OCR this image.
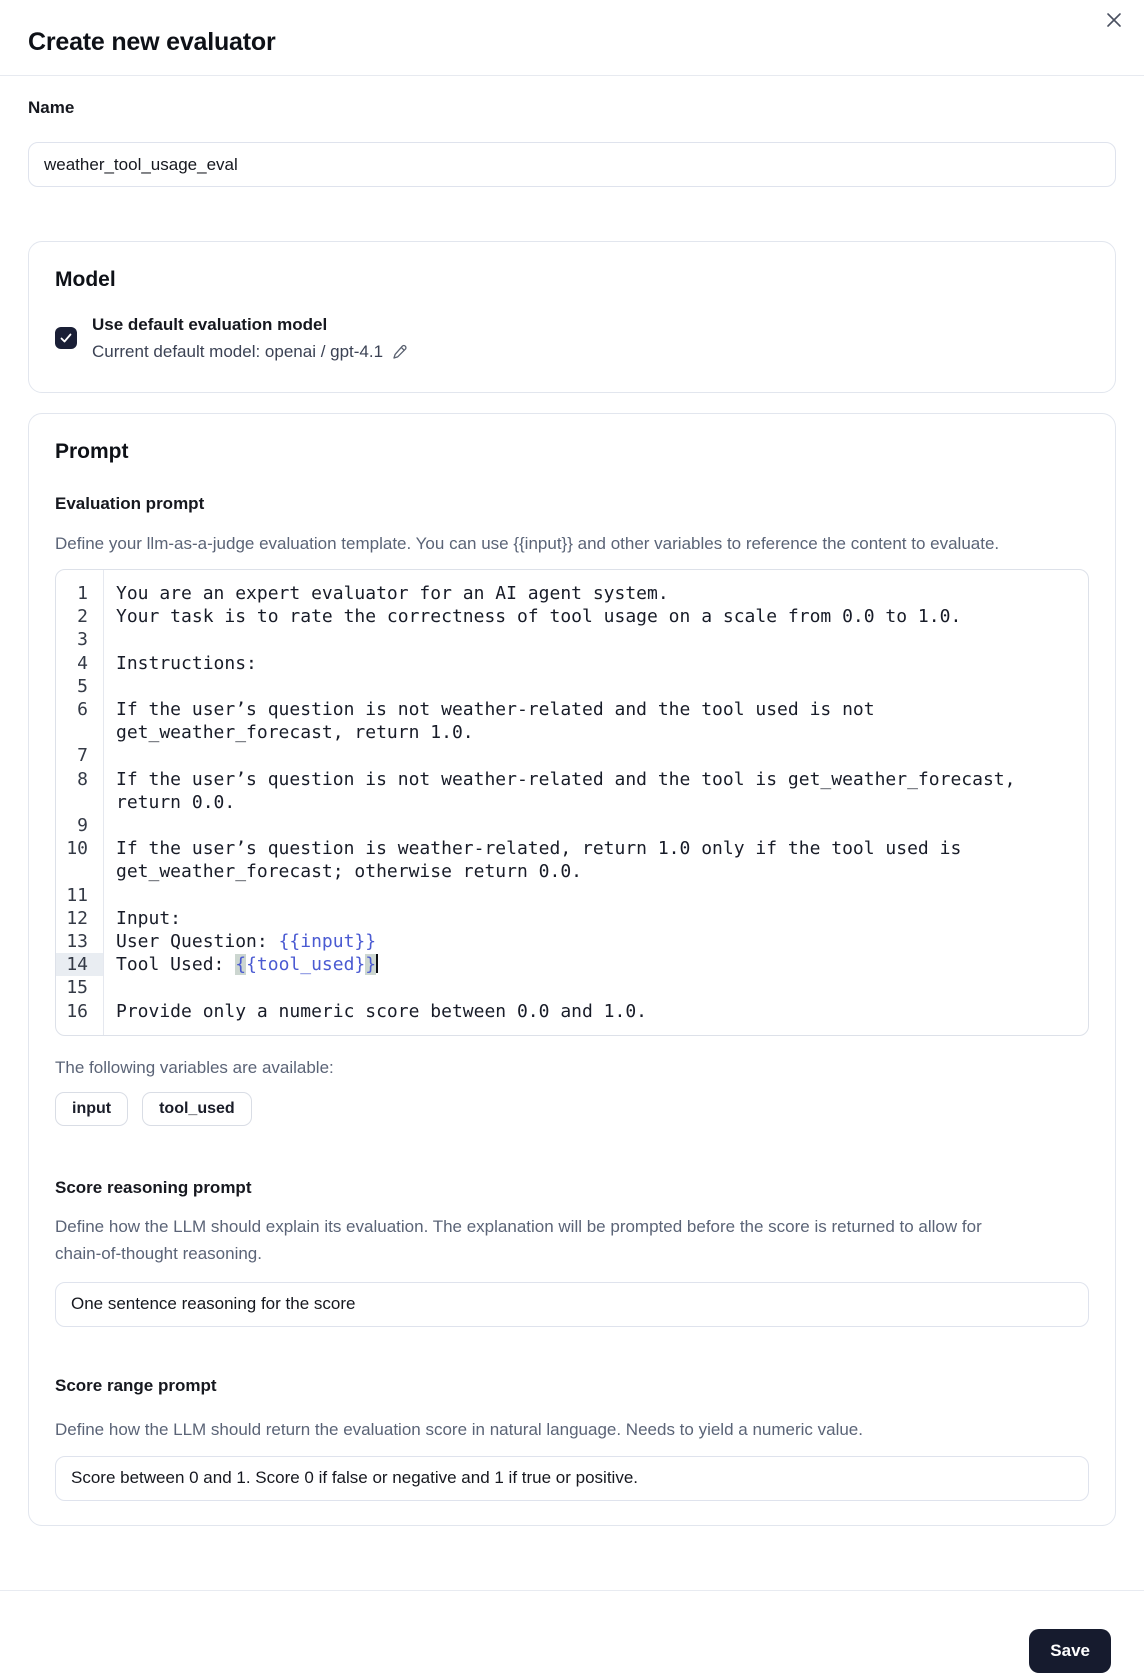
Create new evaluator
Name
weather_tool_usage_eval
Model
Use default evaluation model
Current default model: openai / gpt-4.1
Prompt
Evaluation prompt

Define your llm-as-a-judge evaluation template. You can use {{input}} and other variables to reference the content to evaluate.

1	You are an expert evaluator for an AI agent system.
2	Your task is to rate the correctness of tool usage on a scale from 0.0 to 1.0.
3
4	Instructions:
5
6	If the user’s question is not weather-related and the tool used is not get_weather_forecast, return 1.0.
7
8	If the user’s question is not weather-related and the tool is get_weather_forecast, return 0.0.
9
10	If the user’s question is weather-related, return 1.0 only if the tool used is get_weather_forecast; otherwise return 0.0.
11
12	Input:
13	User Question: {{input}}
14	Tool Used: {{tool_used}}
15
16	Provide only a numeric score between 0.0 and 1.0.

The following variables are available:

input	tool_used
Score reasoning prompt

Define how the LLM should explain its evaluation. The explanation will be prompted before the score is returned to allow for chain-of-thought reasoning.

One sentence reasoning for the score
Score range prompt

Define how the LLM should return the evaluation score in natural language. Needs to yield a numeric value.

Score between 0 and 1. Score 0 if false or negative and 1 if true or positive.
Save
